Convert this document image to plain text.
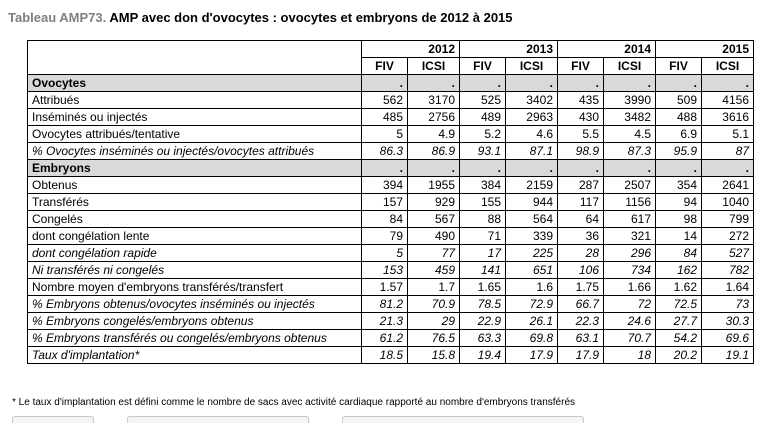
Tableau AMP73. AMP avec don d'ovocytes : ovocytes et embryons de 2012 à 2015
	2012		2013		2014		2015	
	FIV	ICSI	FIV	ICSI	FIV	ICSI	FIV	ICSI
Ovocytes	.	.	.	.	.	.	.	.
Attribués	562	3170	525	3402	435	3990	509	4156
Inséminés ou injectés	485	2756	489	2963	430	3482	488	3616
Ovocytes attribués/tentative	5	4.9	5.2	4.6	5.5	4.5	6.9	5.1
% Ovocytes inséminés ou injectés/ovocytes attribués	86.3	86.9	93.1	87.1	98.9	87.3	95.9	87
Embryons	.	.	.	.	.	.	.	.
Obtenus	394	1955	384	2159	287	2507	354	2641
Transférés	157	929	155	944	117	1156	94	1040
Congelés	84	567	88	564	64	617	98	799
dont congélation lente	79	490	71	339	36	321	14	272
dont congélation rapide	5	77	17	225	28	296	84	527
Ni transférés ni congelés	153	459	141	651	106	734	162	782
Nombre moyen d'embryons transférés/transfert	1.57	1.7	1.65	1.6	1.75	1.66	1.62	1.64
% Embryons obtenus/ovocytes inséminés ou injectés	81.2	70.9	78.5	72.9	66.7	72	72.5	73
% Embryons congelés/embryons obtenus	21.3	29	22.9	26.1	22.3	24.6	27.7	30.3
% Embryons transférés ou congelés/embryons obtenus	61.2	76.5	63.3	69.8	63.1	70.7	54.2	69.6
Taux d'implantation*	18.5	15.8	19.4	17.9	17.9	18	20.2	19.1
* Le taux d'implantation est défini comme le nombre de sacs avec activité cardiaque rapporté au nombre d'embryons transférés
